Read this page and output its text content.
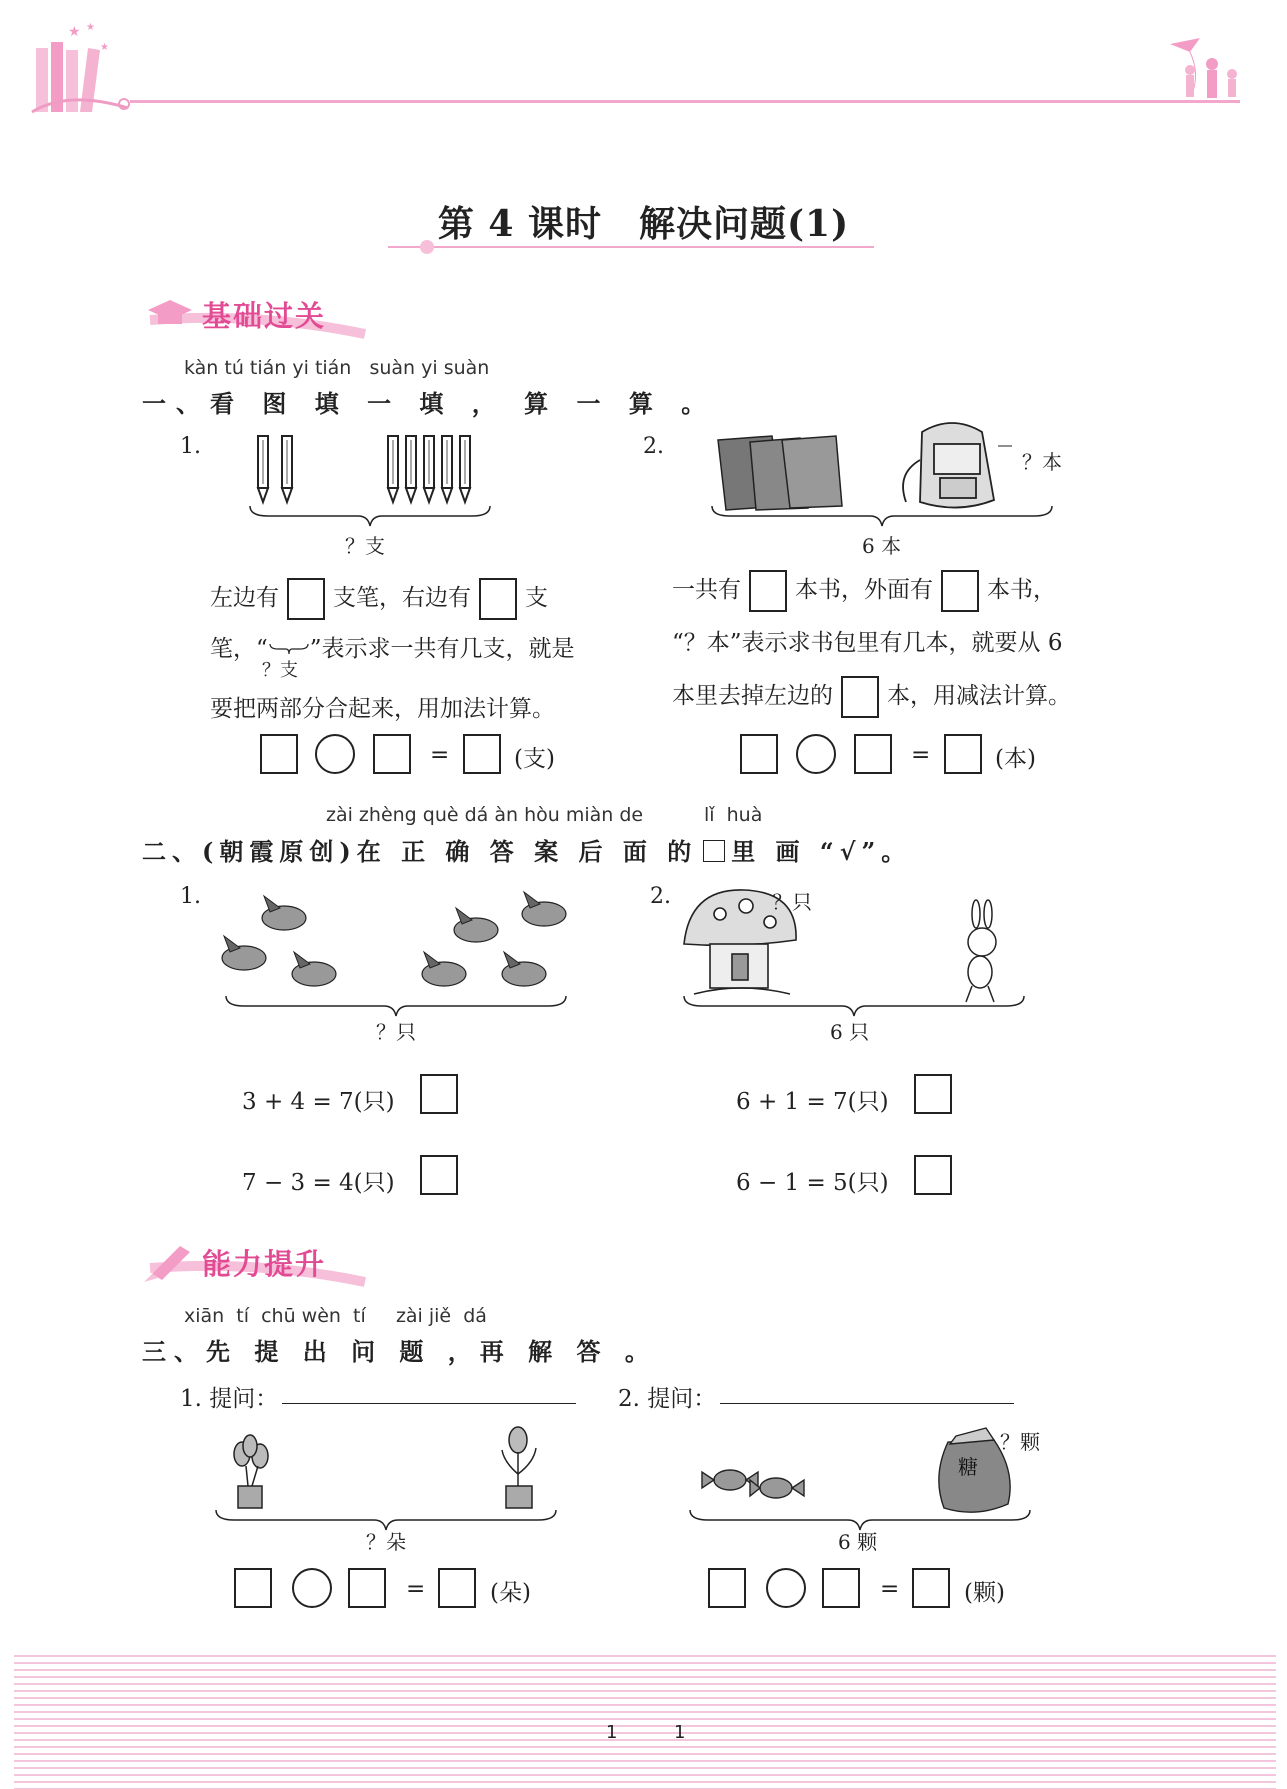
★ ★
★
第 4 课时　解决问题(1)
基础过关
kàn tú tián yi tián   suàn yi suàn
一、看 图 填 一 填 ， 算 一 算 。
1.
？支
左边有 支笔，右边有 支
笔，“ ”表示求一共有几支，就是
？支
要把两部分合起来，用加法计算。
=	(支)
2.
？本
6 本
一共有 本书，外面有 本书，
“？本”表示求书包里有几本，就要从 6
本里去掉左边的 本，用减法计算。
=	(本)
zài zhèng què dá àn hòu miàn de	lǐ  huà
二、(朝霞原创)在 正 确 答 案 后 面 的 里 画 “√”。
1.
？只
3 + 4 = 7(只)
7 − 3 = 4(只)
2.	？只
6 只
6 + 1 = 7(只)
6 − 1 = 5(只)
能力提升
xiān  tí  chū wèn  tí     zài jiě  dá
三、先 提 出 问 题 ，再 解 答 。
1. 提问：
？朵
=	(朵)
2. 提问：
糖
？颗
6 颗
=	(颗)
1	1
